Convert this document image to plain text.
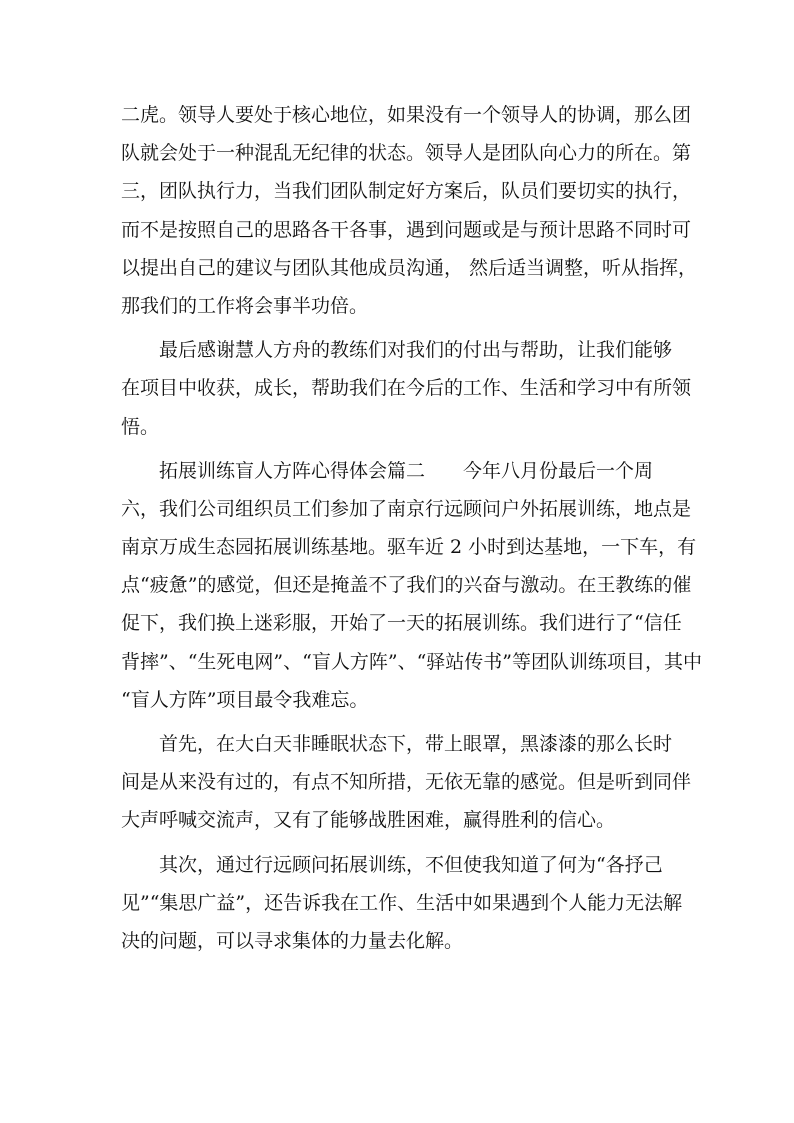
二虎。领导人要处于核心地位，如果没有一个领导人的协调，那么团
队就会处于一种混乱无纪律的状态。领导人是团队向心力的所在。第
三，团队执行力，当我们团队制定好方案后，队员们要切实的执行，
而不是按照自己的思路各干各事，遇到问题或是与预计思路不同时可
以提出自己的建议与团队其他成员沟通， 然后适当调整，听从指挥，
那我们的工作将会事半功倍。
　　最后感谢慧人方舟的教练们对我们的付出与帮助，让我们能够
在项目中收获，成长，帮助我们在今后的工作、生活和学习中有所领
悟。
　　拓展训练盲人方阵心得体会篇二　　今年八月份最后一个周
六，我们公司组织员工们参加了南京行远顾问户外拓展训练，地点是
南京万成生态园拓展训练基地。驱车近 2 小时到达基地，一下车，有
点“疲惫”的感觉，但还是掩盖不了我们的兴奋与激动。在王教练的催
促下，我们换上迷彩服，开始了一天的拓展训练。我们进行了“信任
背摔”、“生死电网”、“盲人方阵”、“驿站传书”等团队训练项目，其中
“盲人方阵”项目最令我难忘。
　　首先，在大白天非睡眠状态下，带上眼罩，黑漆漆的那么长时
间是从来没有过的，有点不知所措，无依无靠的感觉。但是听到同伴
大声呼喊交流声，又有了能够战胜困难，赢得胜利的信心。
　　其次，通过行远顾问拓展训练，不但使我知道了何为“各抒己
见”“集思广益”，还告诉我在工作、生活中如果遇到个人能力无法解
决的问题，可以寻求集体的力量去化解。
